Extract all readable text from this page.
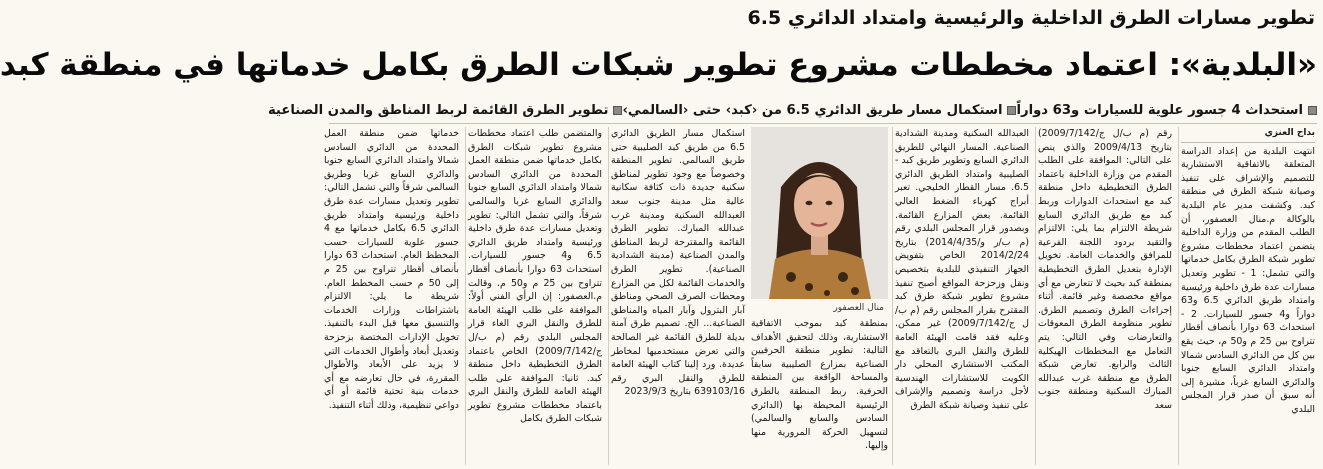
تطوير مسارات الطرق الداخلية والرئيسية وامتداد الدائري 6.5
«البلدية»: اعتماد مخططات مشروع تطوير شبكات الطرق بكامل خدماتها في منطقة كبد
استحداث 4 جسور علوية للسيارات و63 دواراً
استكمال مسار طريق الدائري 6.5 من ‹كبد› حتى ‹السالمي›
تطوير الطرق القائمة لربط المناطق والمدن الصناعية
بداح العنزي

انتهت البلدية من إعداد الدراسة المتعلقة بالاتفاقية الاستشارية للتصميم والإشراف على تنفيذ وصيانة شبكة الطرق في منطقة كبد. وكشفت مدير عام البلدية بالوكالة م.منال العصفور، أن الطلب المقدم من وزارة الداخلية يتضمن اعتماد مخططات مشروع تطوير شبكة الطرق بكامل خدماتها والتي تشمل: 1 - تطوير وتعديل مسارات عدة طرق داخلية ورئيسية وامتداد طريق الدائري 6.5 و63 دواراً و4 جسور للسيارات. 2 - استحداث 63 دوارا بأنصاف أقطار تتراوح بين 25 م و50 م، حيث يقع بين كل من الدائري السادس شمالا وامتداد الدائري السابع جنوبا والدائري السابع غرباً، مشيرة إلى أنه سبق أن صدر قرار المجلس البلدي

رقم (م ب/ل ج/2009/7/142) بتاريخ 2009/4/13 والذي ينص على التالي: الموافقة على الطلب المقدم من وزارة الداخلية باعتماد الطرق التخطيطية داخل منطقة كبد مع استحداث الدوارات وربط كبد مع طريق الدائري السابع شريطة الالتزام بما يلي: الالتزام والتقيد بردود اللجنة الفرعية للمرافق والخدمات العامة. تخويل الإدارة بتعديل الطرق التخطيطية بمنطقة كبد بحيث لا تتعارض مع أي مواقع مخصصة وغير قائمة. أثناء إجراءات الطرق وتصميم الطرق. تطوير منظومة الطرق المعوقات والتعارضات وفي التالي: يتم التعامل مع المخططات الهيكلية الثالث والرابع. تعارض شبكة الطرق مع منطقة غرب عبدالله المبارك السكنية ومنطقة جنوب سعد

العبدالله السكنية ومدينة الشدادية الصناعية. المسار النهائي للطريق الدائري السابع وتطوير طريق كبد - الصليبية وامتداد الطريق الدائري 6.5. مسار القطار الخليجي. تعبر أبراج كهرباء الضغط العالي القائمة. بعض المزارع القائمة. وبصدور قرار المجلس البلدي رقم (م ب/ر و/2014/4/35) بتاريخ 2014/2/24 الخاص بتفويض الجهاز التنفيذي للبلدية بتخصيص ونقل وزحزحة المواقع أصبح تنفيذ مشروع تطوير شبكة طرق كبد المقترح بقرار المجلس رقم (م ب/ل ج/2009/7/142) غير ممكن. وعليه فقد قامت الهيئة العامة للطرق والنقل البري بالتعاقد مع المكتب الاستشاري المحلي دار الكويت للاستشارات الهندسية لأجل دراسة وتصميم والإشراف على تنفيذ وصيانة شبكة الطرق

منال العصفور
بمنطقة كبد بموجب الاتفاقية الاستشارية، وذلك لتحقيق الأهداف التالية: تطوير منطقة الحرفيين الصناعية بمزارع الصليبية سابقاً والمساحة الواقعة بين المنطقة الحرفية. ربط المنطقة بالطرق الرئيسية المحيطة بها (الدائري السادس والسابع والسالمي) لتسهيل الحركة المرورية منها وإليها.

استكمال مسار الطريق الدائري 6.5 من طريق كبد الصليبية حتى طريق السالمي. تطوير المنطقة وخصوصاً مع وجود تطوير لمناطق سكنية جديدة ذات كثافة سكانية عالية مثل مدينة جنوب سعد العبدالله السكنية ومدينة غرب عبدالله المبارك. تطوير الطرق القائمة والمقترحة لربط المناطق والمدن الصناعية (مدينة الشدادية الصناعية). تطوير الطرق والخدمات القائمة لكل من المزارع ومحطات الصرف الصحي ومناطق آبار البترول وآبار المياه والمناطق الصناعية... الخ. تصميم طرق آمنة بديلة للطرق القائمة غير الصالحة والتي تعرض مستخدميها لمخاطر عديدة. ورد إلينا كتاب الهيئة العامة للطرق والنقل البري رقم 639103/16 بتاريخ 2023/9/3

والمتضمن طلب اعتماد مخططات مشروع تطوير شبكات الطرق بكامل خدماتها ضمن منطقة العمل المحددة من الدائري السادس شمالا وامتداد الدائري السابع جنوبا والدائري السابع غربا والسالمي شرقاً، والتي تشمل التالي: تطوير وتعديل مسارات عدة طرق داخلية ورئيسية وامتداد طريق الدائري 6.5 و4 جسور للسيارات. استحداث 63 دوارا بأنصاف أقطار تتراوح بين 25 م و50 م. وقالت م.العصفور: إن الرأي الفني أولاً: الموافقة على طلب الهيئة العامة للطرق والنقل البري الغاء قرار المجلس البلدي رقم (م ب/ل ج/2009/7/142) الخاص باعتماد الطرق التخطيطية داخل منطقة كبد. ثانيا: الموافقة على طلب الهيئة العامة للطرق والنقل البري باعتماد مخططات مشروع تطوير شبكات الطرق بكامل

خدماتها ضمن منطقة العمل المحددة من الدائري السادس شمالا وامتداد الدائري السابع جنوبا والدائري السابع غربا وطريق السالمي شرقاً والتي تشمل التالي: تطوير وتعديل مسارات عدة طرق داخلية ورئيسية وامتداد طريق الدائري 6.5 بكامل خدماتها مع 4 جسور علوية للسيارات حسب المخطط العام. استحداث 63 دوارا بأنصاف أقطار تتراوح بين 25 م إلى 50 م حسب المخطط العام. شريطة ما يلي: الالتزام باشتراطات وزارات الخدمات والتنسيق معها قبل البدء بالتنفيذ. تخويل الإدارات المختصة بزحزحة وتعديل أبعاد وأطوال الخدمات التي لا يزيد على الأبعاد والأطوال المقررة، في حال تعارضه مع أي خدمات بنية تحتية قائمة أو أي دواعي تنظيمية، وذلك أثناء التنفيذ.
